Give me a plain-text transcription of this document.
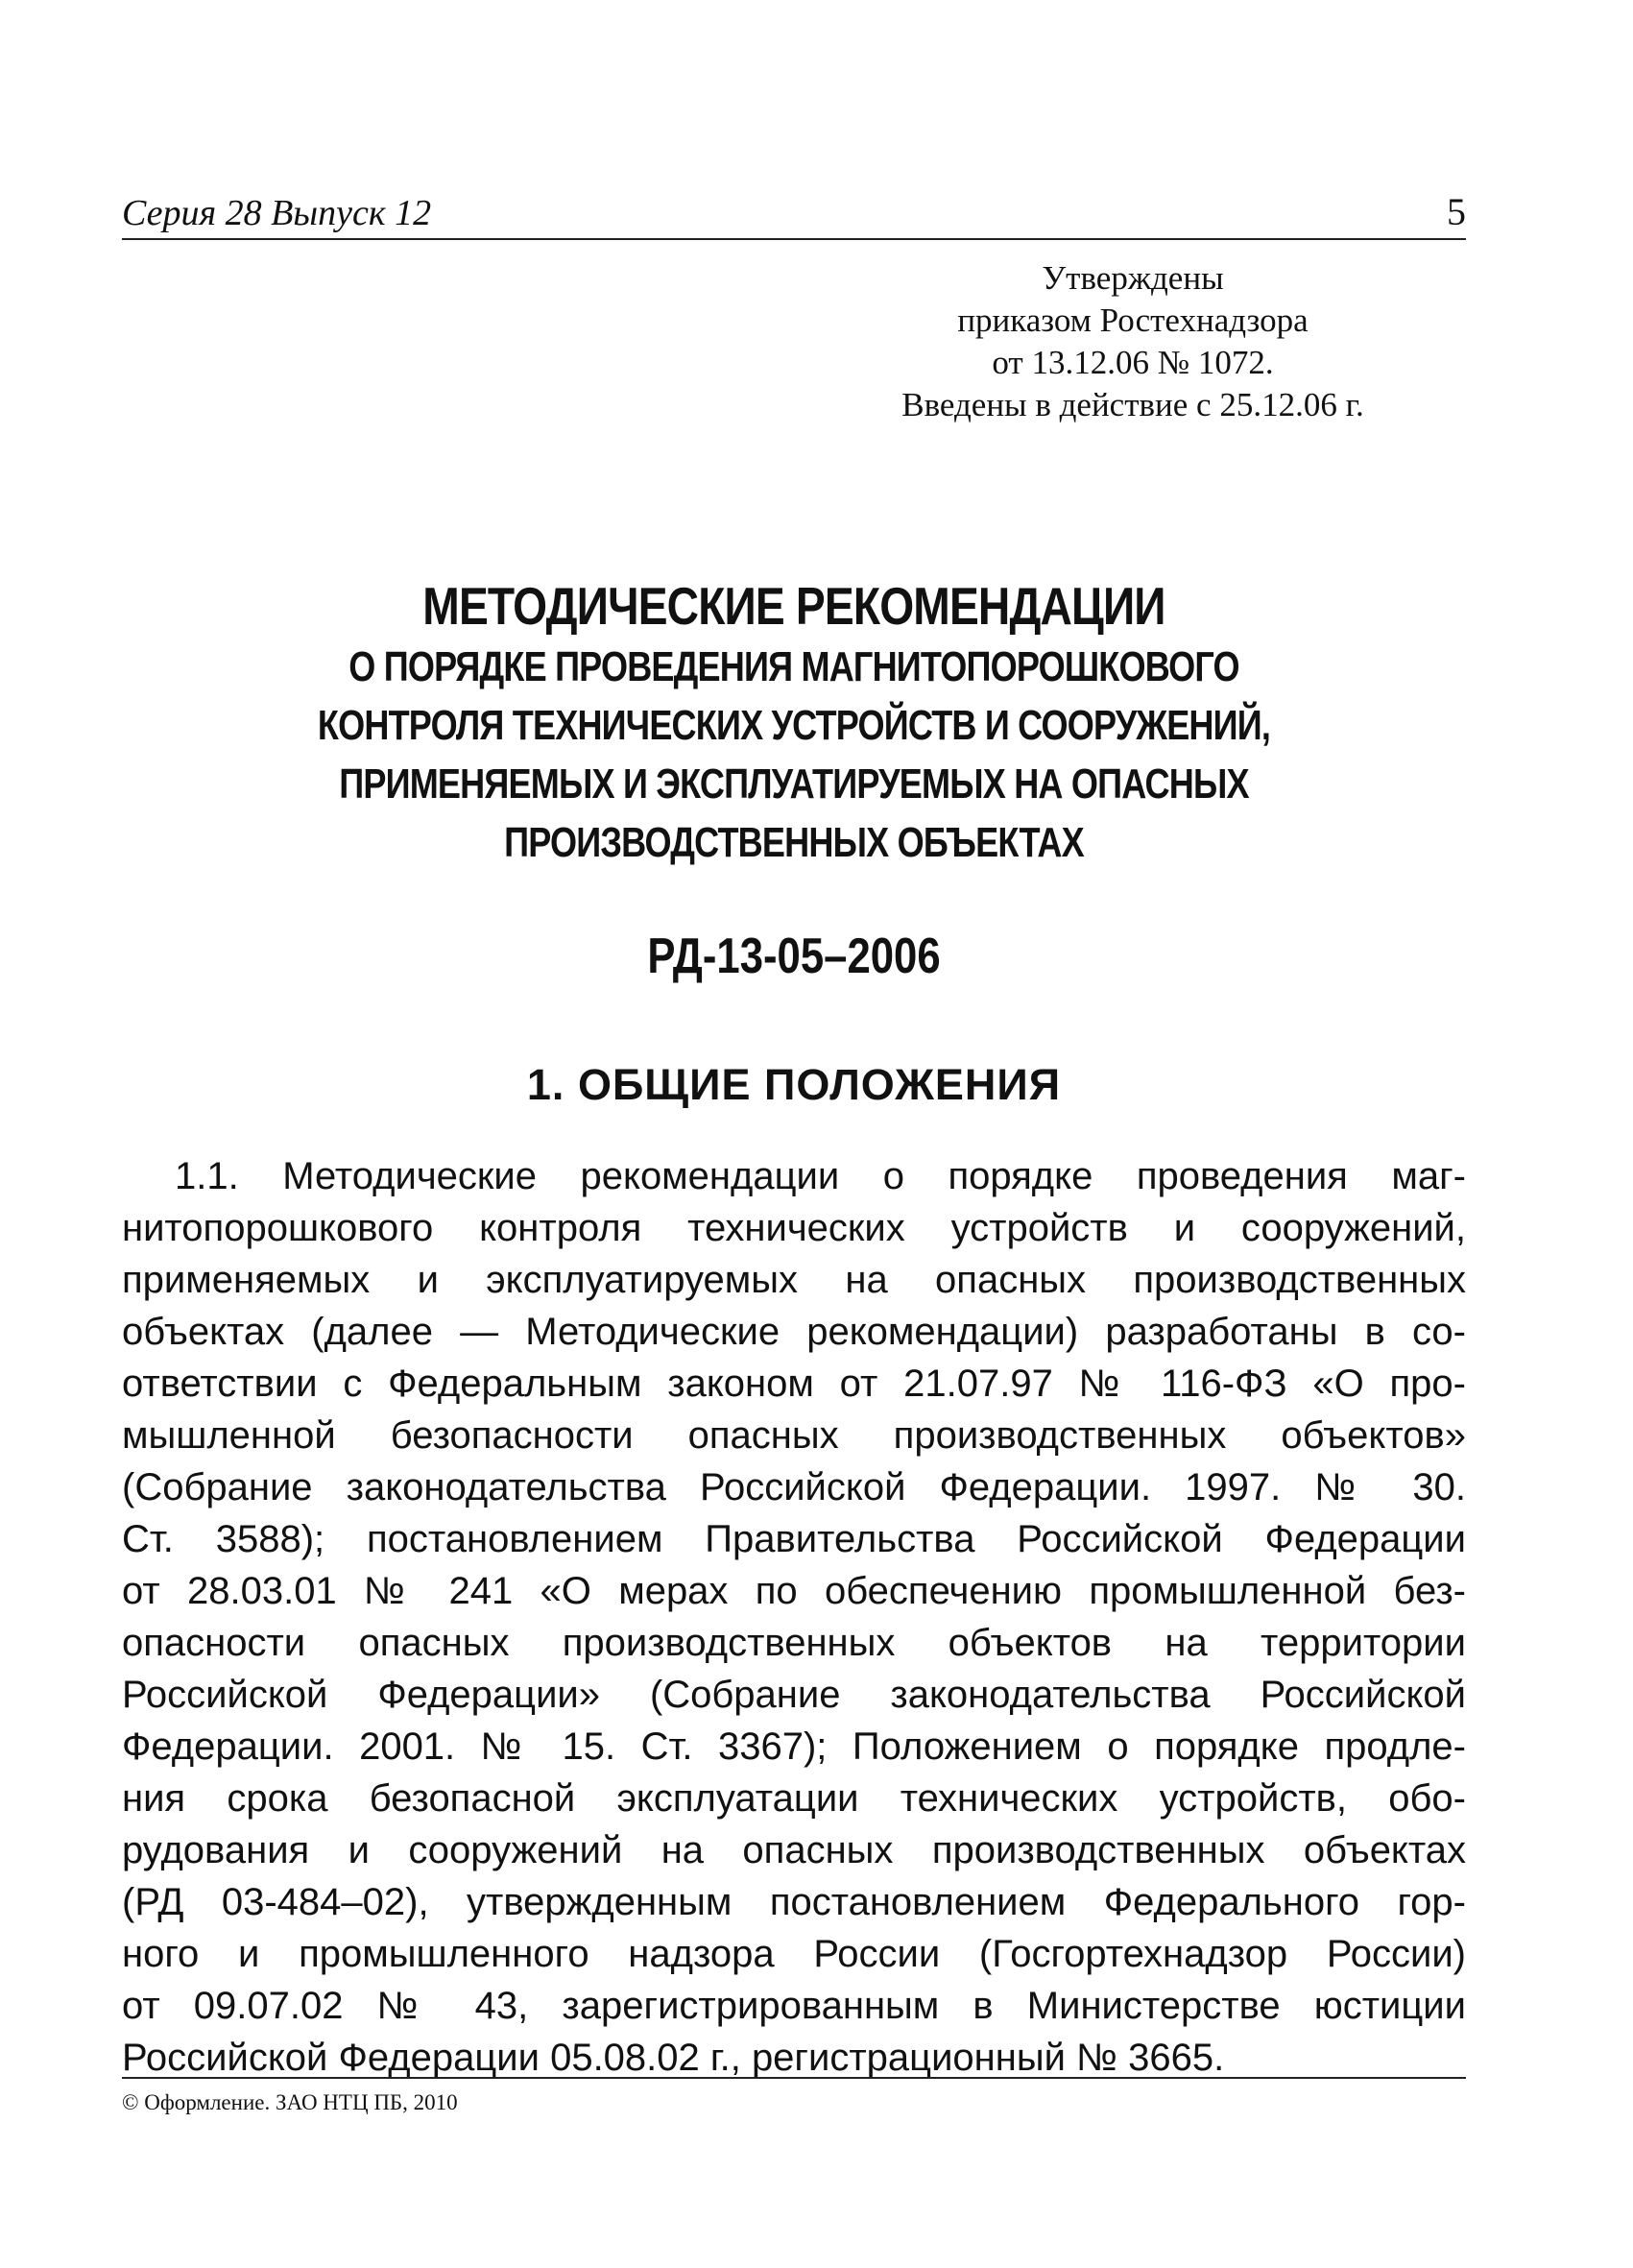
Серия 28 Выпуск 12	5
Утверждены
приказом Ростехнадзора
от 13.12.06 № 1072.
Введены в действие с 25.12.06 г.
МЕТОДИЧЕСКИЕ РЕКОМЕНДАЦИИ
О ПОРЯДКЕ ПРОВЕДЕНИЯ МАГНИТОПОРОШКОВОГО
КОНТРОЛЯ ТЕХНИЧЕСКИХ УСТРОЙСТВ И СООРУЖЕНИЙ,
ПРИМЕНЯЕМЫХ И ЭКСПЛУАТИРУЕМЫХ НА ОПАСНЫХ
ПРОИЗВОДСТВЕННЫХ ОБЪЕКТАХ
РД-13-05–2006
1. ОБЩИЕ ПОЛОЖЕНИЯ
1.1. Методические рекомендации о порядке проведения маг-
нитопорошкового контроля технических устройств и сооружений,
применяемых и эксплуатируемых на опасных производственных
объектах (далее — Методические рекомендации) разработаны в со-
ответствии с Федеральным законом от 21.07.97 № 116-ФЗ «О про-
мышленной безопасности опасных производственных объектов»
(Собрание законодательства Российской Федерации. 1997. № 30.
Ст. 3588); постановлением Правительства Российской Федерации
от 28.03.01 № 241 «О мерах по обеспечению промышленной без-
опасности опасных производственных объектов на территории
Российской Федерации» (Собрание законодательства Российской
Федерации. 2001. № 15. Ст. 3367); Положением о порядке продле-
ния срока безопасной эксплуатации технических устройств, обо-
рудования и сооружений на опасных производственных объектах
(РД 03-484–02), утвержденным постановлением Федерального гор-
ного и промышленного надзора России (Госгортехнадзор России)
от 09.07.02 № 43, зарегистрированным в Министерстве юстиции
Российской Федерации 05.08.02 г., регистрационный № 3665.
© Оформление. ЗАО НТЦ ПБ, 2010
